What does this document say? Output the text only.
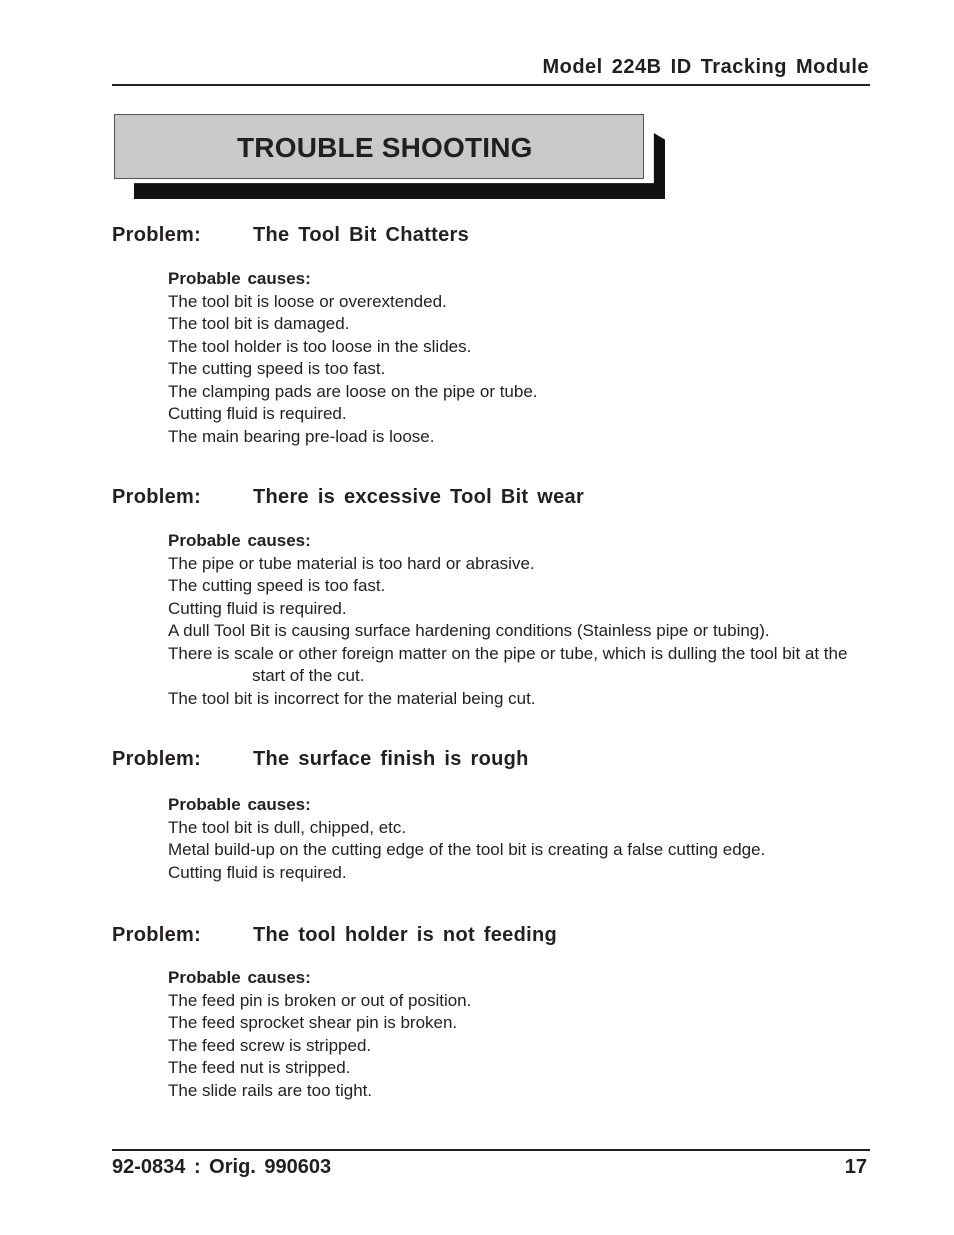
Model 224B ID Tracking Module
TROUBLE SHOOTING
Problem:	The Tool Bit Chatters
Probable causes:
The tool bit is loose or overextended.
The tool bit is damaged.
The tool holder is too loose in the slides.
The cutting speed is too fast.
The clamping pads are loose on the pipe or tube.
Cutting fluid is required.
The main bearing pre-load is loose.
Problem:	There is excessive Tool Bit wear
Probable causes:
The pipe or tube material is too hard or abrasive.
The cutting speed is too fast.
Cutting fluid is required.
A dull Tool Bit is causing surface hardening conditions (Stainless pipe or tubing).
There is scale or other foreign matter on the pipe or tube, which is dulling the tool bit at the start of the cut.
The tool bit is incorrect for the material being cut.
Problem:	The surface finish is rough
Probable causes:
The tool bit is dull, chipped, etc.
Metal build-up on the cutting edge of the tool bit is creating a false cutting edge.
Cutting fluid is required.
Problem:	The tool holder is not feeding
Probable causes:
The feed pin is broken or out of position.
The feed sprocket shear pin is broken.
The feed screw is stripped.
The feed nut is stripped.
The slide rails are too tight.
92-0834 : Orig. 990603	17
